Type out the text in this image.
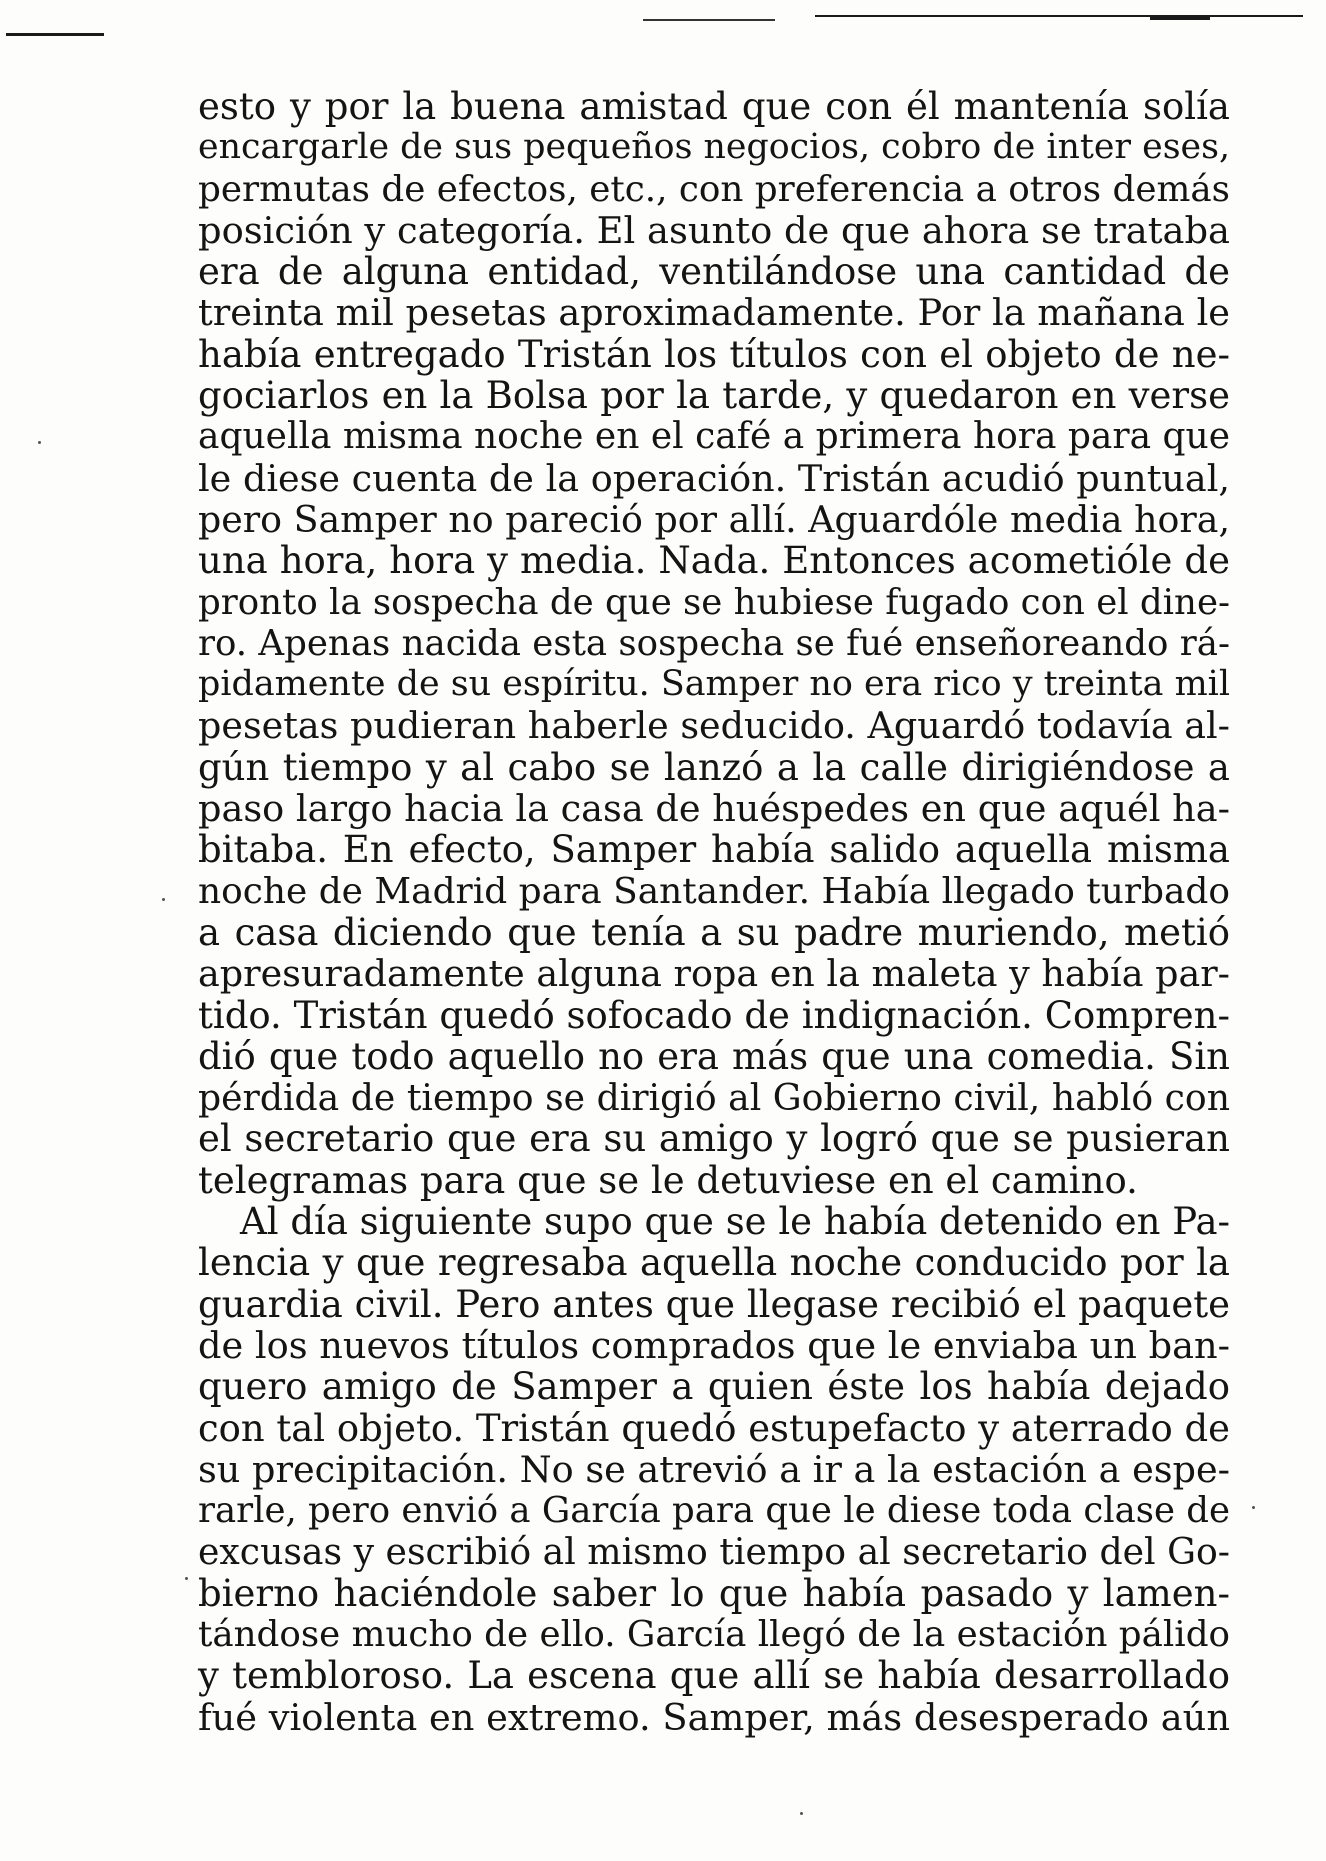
esto y por la buena amistad que con él mantenía solía
encargarle de sus pequeños negocios, cobro de inter eses,
permutas de efectos, etc., con preferencia a otros demás
posición y categoría. El asunto de que ahora se trataba
era de alguna entidad, ventilándose una cantidad de
treinta mil pesetas aproximadamente. Por la mañana le
había entregado Tristán los títulos con el objeto de ne-
gociarlos en la Bolsa por la tarde, y quedaron en verse
aquella misma noche en el café a primera hora para que
le diese cuenta de la operación. Tristán acudió puntual,
pero Samper no pareció por allí. Aguardóle media hora,
una hora, hora y media. Nada. Entonces acometióle de
pronto la sospecha de que se hubiese fugado con el dine-
ro. Apenas nacida esta sospecha se fué enseñoreando rá-
pidamente de su espíritu. Samper no era rico y treinta mil
pesetas pudieran haberle seducido. Aguardó todavía al-
gún tiempo y al cabo se lanzó a la calle dirigiéndose a
paso largo hacia la casa de huéspedes en que aquél ha-
bitaba. En efecto, Samper había salido aquella misma
noche de Madrid para Santander. Había llegado turbado
a casa diciendo que tenía a su padre muriendo, metió
apresuradamente alguna ropa en la maleta y había par-
tido. Tristán quedó sofocado de indignación. Compren-
dió que todo aquello no era más que una comedia. Sin
pérdida de tiempo se dirigió al Gobierno civil, habló con
el secretario que era su amigo y logró que se pusieran
telegramas para que se le detuviese en el camino.
Al día siguiente supo que se le había detenido en Pa-
lencia y que regresaba aquella noche conducido por la
guardia civil. Pero antes que llegase recibió el paquete
de los nuevos títulos comprados que le enviaba un ban-
quero amigo de Samper a quien éste los había dejado
con tal objeto. Tristán quedó estupefacto y aterrado de
su precipitación. No se atrevió a ir a la estación a espe-
rarle, pero envió a García para que le diese toda clase de
excusas y escribió al mismo tiempo al secretario del Go-
bierno haciéndole saber lo que había pasado y lamen-
tándose mucho de ello. García llegó de la estación pálido
y tembloroso. La escena que allí se había desarrollado
fué violenta en extremo. Samper, más desesperado aún
